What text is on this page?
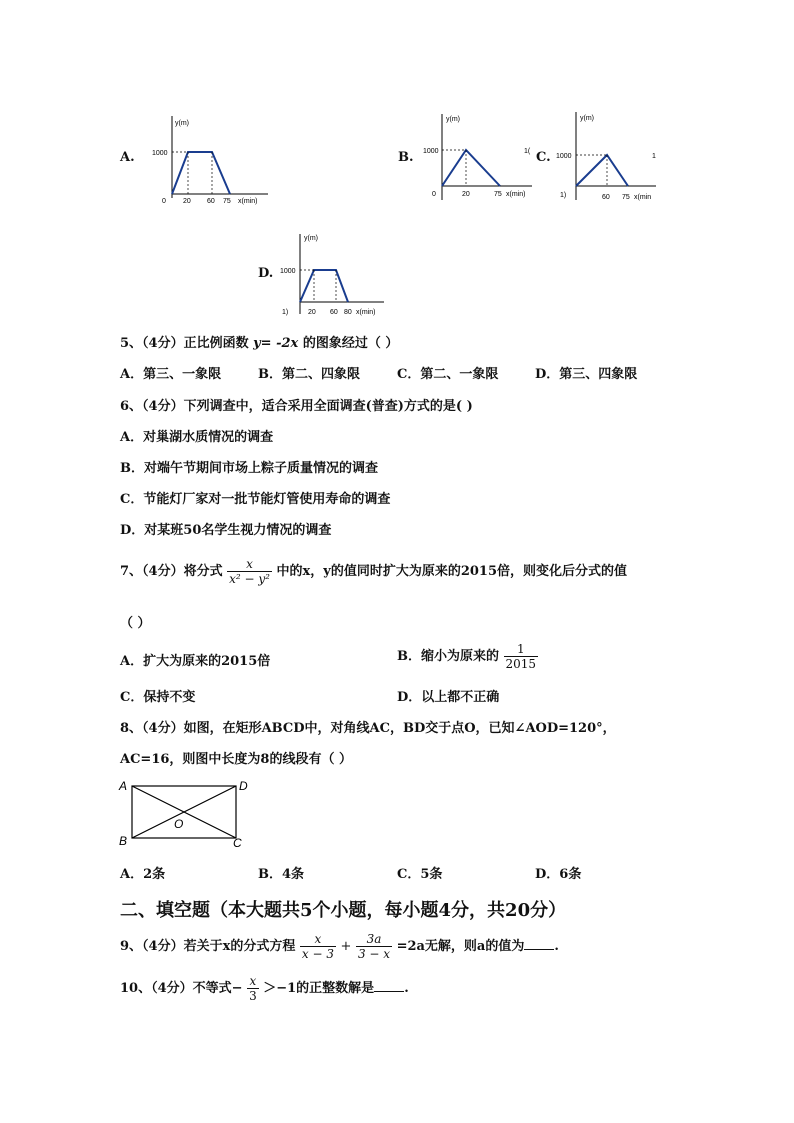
A.
y(m)
1000
0 20 60 75 x(min)
B.
y(m)
1000
0	20	75 x(min)
1( C.
y(m)
1000
1)	60 75 x(min
1
D.
y(m)
1000
1)	20 60 80 x(min)
5、（4分）正比例函数 y= -2x 的图象经过（ ）
A．第三、一象限	B．第二、四象限	C．第二、一象限	D．第三、四象限
6、（4分）下列调查中，适合采用全面调查(普查)方式的是( )
A．对巢湖水质情况的调查
B．对端午节期间市场上粽子质量情况的调查
C．节能灯厂家对一批节能灯管使用寿命的调查
D．对某班50名学生视力情况的调查
7、（4分）将分式 $\frac{x}{\text{x² − y²}}$ 中的x，y的值同时扩大为原来的2015倍，则变化后分式的值
（ ）
A．扩大为原来的2015倍	B．缩小为原来的 $\frac{1}{2015}$
C．保持不变	D．以上都不正确
8、（4分）如图，在矩形ABCD中，对角线AC，BD交于点O，已知∠AOD=120°，
AC=16，则图中长度为8的线段有（ ）
A	D
B	C
O
A．2条	B．4条	C．5条	D．6条
二、填空题（本大题共5个小题，每小题4分，共20分）
9、（4分）若关于x的分式方程 $\frac{x}{x - 3} + \frac{3a}{3 - x} =2a$无解，则a的值为 .
10、（4分）不等式− $\frac{x}{3} >-1$的正整数解是 .
